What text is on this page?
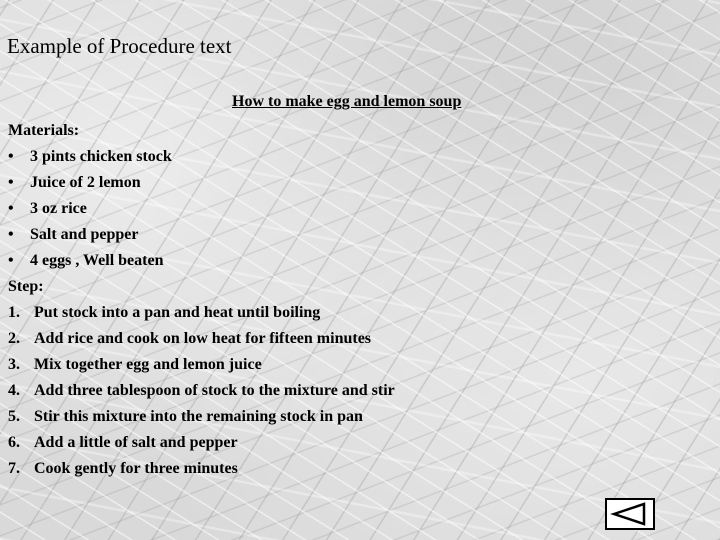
Example of Procedure text
How to make egg and lemon soup
Materials:
• 3 pints chicken stock
• Juice of 2 lemon
• 3 oz rice
• Salt and pepper
• 4 eggs , Well beaten
Step:
1. Put stock into a pan and heat until boiling
2. Add rice and cook on low heat for fifteen minutes
3. Mix together egg and lemon juice
4. Add three tablespoon of stock to the mixture and stir
5. Stir this mixture into the remaining stock in pan
6. Add a little of salt and pepper
7. Cook gently for three minutes
